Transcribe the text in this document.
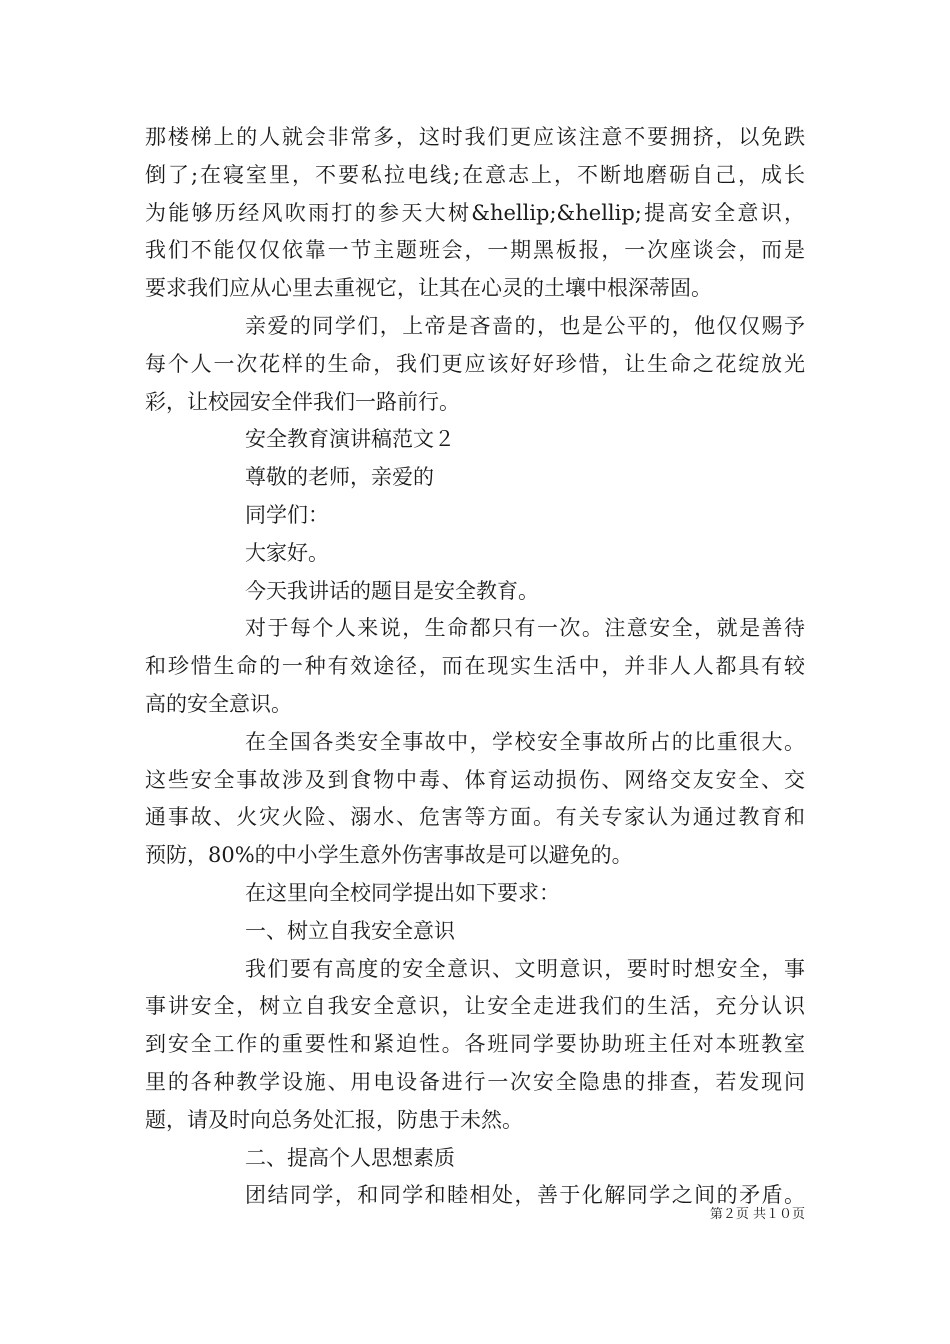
那楼梯上的人就会非常多，这时我们更应该注意不要拥挤，以免跌
倒了;在寝室里，不要私拉电线;在意志上，不断地磨砺自己，成长
为能够历经风吹雨打的参天大树&hellip;&hellip;提高安全意识，
我们不能仅仅依靠一节主题班会，一期黑板报，一次座谈会，而是
要求我们应从心里去重视它，让其在心灵的土壤中根深蒂固。
亲爱的同学们，上帝是吝啬的，也是公平的，他仅仅赐予
每个人一次花样的生命，我们更应该好好珍惜，让生命之花绽放光
彩，让校园安全伴我们一路前行。
安全教育演讲稿范文２
尊敬的老师，亲爱的
同学们：
大家好。
今天我讲话的题目是安全教育。
对于每个人来说，生命都只有一次。注意安全，就是善待
和珍惜生命的一种有效途径，而在现实生活中，并非人人都具有较
高的安全意识。
在全国各类安全事故中，学校安全事故所占的比重很大。
这些安全事故涉及到食物中毒、体育运动损伤、网络交友安全、交
通事故、火灾火险、溺水、危害等方面。有关专家认为通过教育和
预防，80%的中小学生意外伤害事故是可以避免的。
在这里向全校同学提出如下要求：
一、树立自我安全意识
我们要有高度的安全意识、文明意识，要时时想安全，事
事讲安全，树立自我安全意识，让安全走进我们的生活，充分认识
到安全工作的重要性和紧迫性。各班同学要协助班主任对本班教室
里的各种教学设施、用电设备进行一次安全隐患的排查，若发现问
题，请及时向总务处汇报，防患于未然。
二、提高个人思想素质
团结同学，和同学和睦相处，善于化解同学之间的矛盾。
第２页 共１０页
